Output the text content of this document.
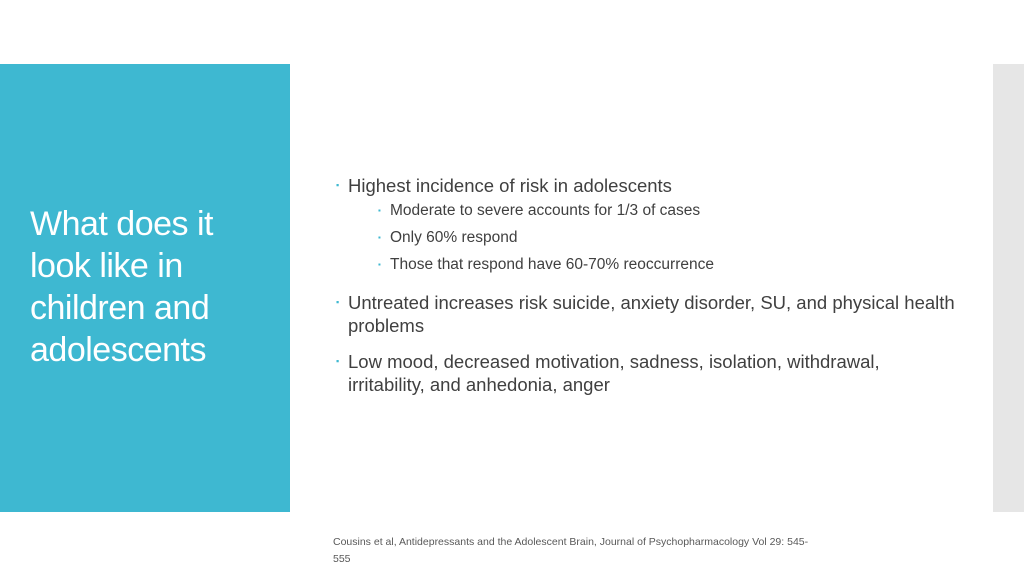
What does it look like in children and adolescents
▪ Highest incidence of risk in adolescents
▪ Moderate to severe accounts for 1/3 of cases
▪ Only 60% respond
▪ Those that respond have 60-70% reoccurrence
▪ Untreated increases risk suicide, anxiety disorder, SU, and physical health problems
▪ Low mood, decreased motivation, sadness, isolation, withdrawal, irritability, and anhedonia, anger
Cousins et al, Antidepressants and the Adolescent Brain, Journal of Psychopharmacology Vol 29: 545-555
